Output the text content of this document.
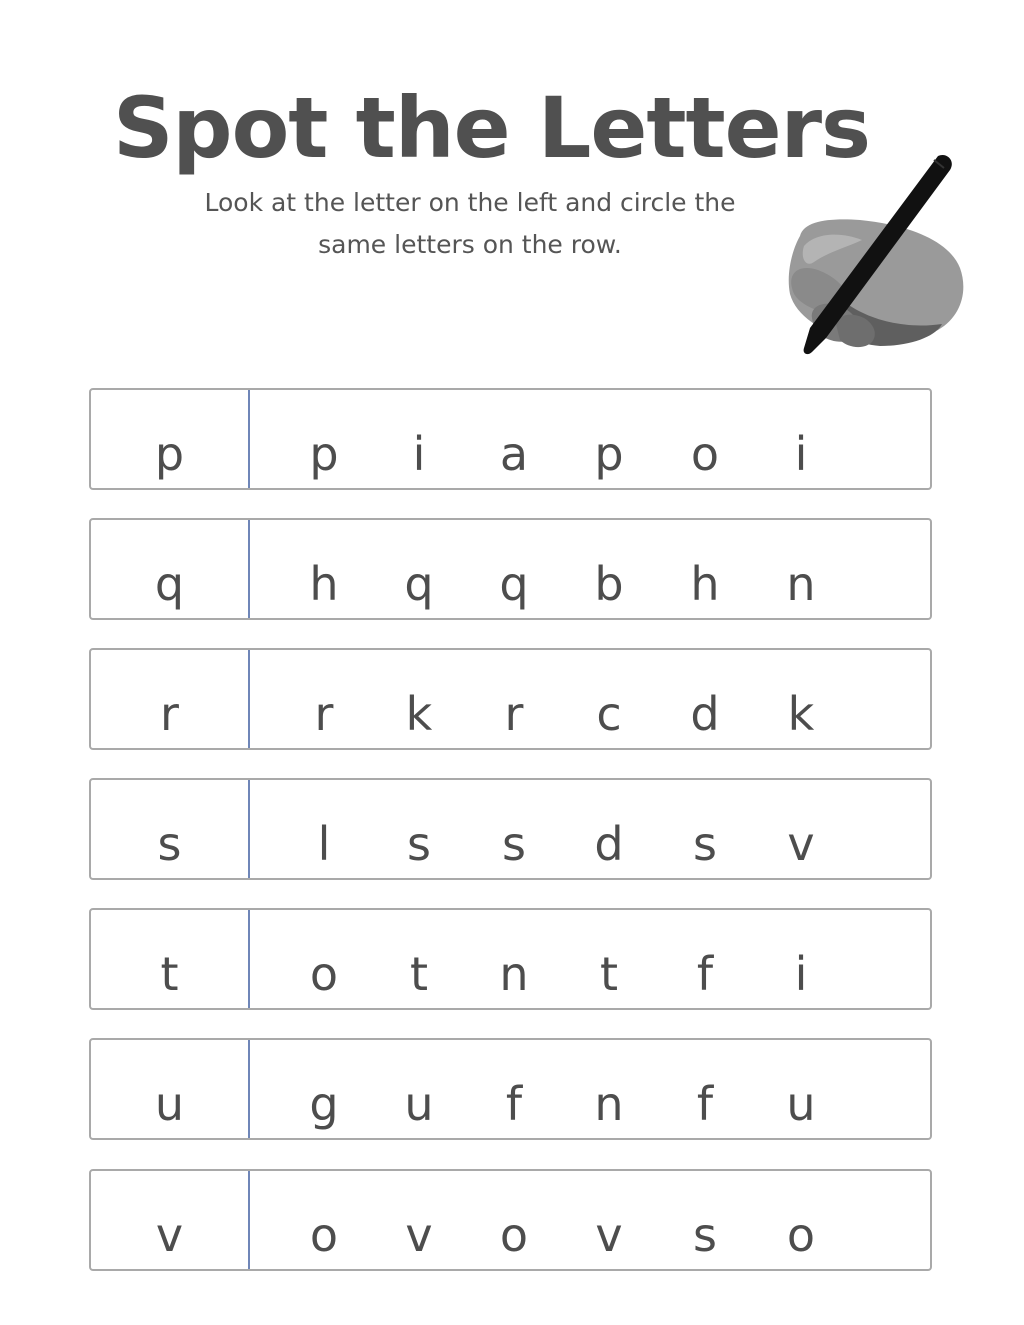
Spot the Letters
Look at the letter on the left and circle the
same letters on the row.
p	p	i	a	p	o	i
q	h	q	q	b	h	n
r	r	k	r	c	d	k
s	l	s	s	d	s	v
t	o	t	n	t	f	i
u	g	u	f	n	f	u
v	o	v	o	v	s	o
